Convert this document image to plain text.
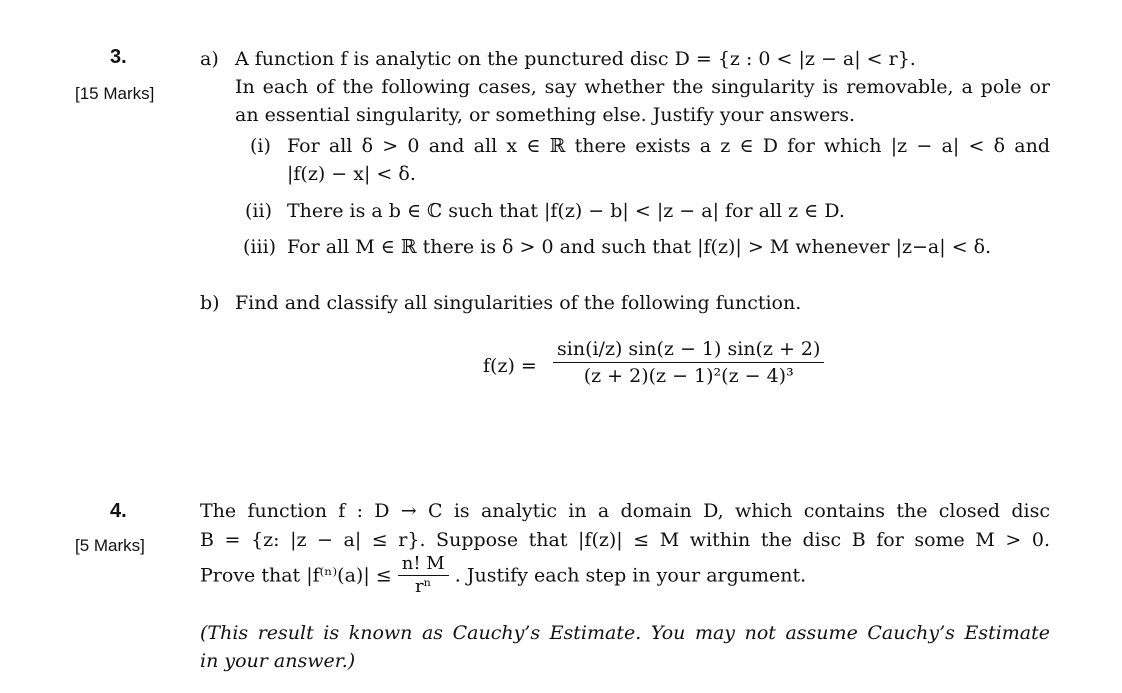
3.
[15 Marks]
a) A function f is analytic on the punctured disc D = {z : 0 < |z − a| < r}.
In each of the following cases, say whether the singularity is removable, a pole or
an essential singularity, or something else. Justify your answers.
(i) For all δ > 0 and all x ∈ ℝ there exists a z ∈ D for which |z − a| < δ and
|f(z) − x| < δ.
(ii) There is a b ∈ ℂ such that |f(z) − b| < |z − a| for all z ∈ D.
(iii) For all M ∈ ℝ there is δ > 0 and such that |f(z)| > M whenever |z−a| < δ.
b) Find and classify all singularities of the following function.
$f(z) = \frac{\sin(i/z) \sin(z - 1) \sin(z + 2)}{\text{(z + 2)(z − 1)²(z − 4)³}}$
4.
[5 Marks]
The function f : D → C is analytic in a domain D, which contains the closed disc
B = {z: |z − a| ≤ r}. Suppose that |f(z)| ≤ M within the disc B for some M > 0.
Prove that $|f^{(n)}(a)| \le \frac{n! M}{\text{rⁿ}}$ . Justify each step in your argument.
(This result is known as Cauchy’s Estimate. You may not assume Cauchy’s Estimate
in your answer.)
